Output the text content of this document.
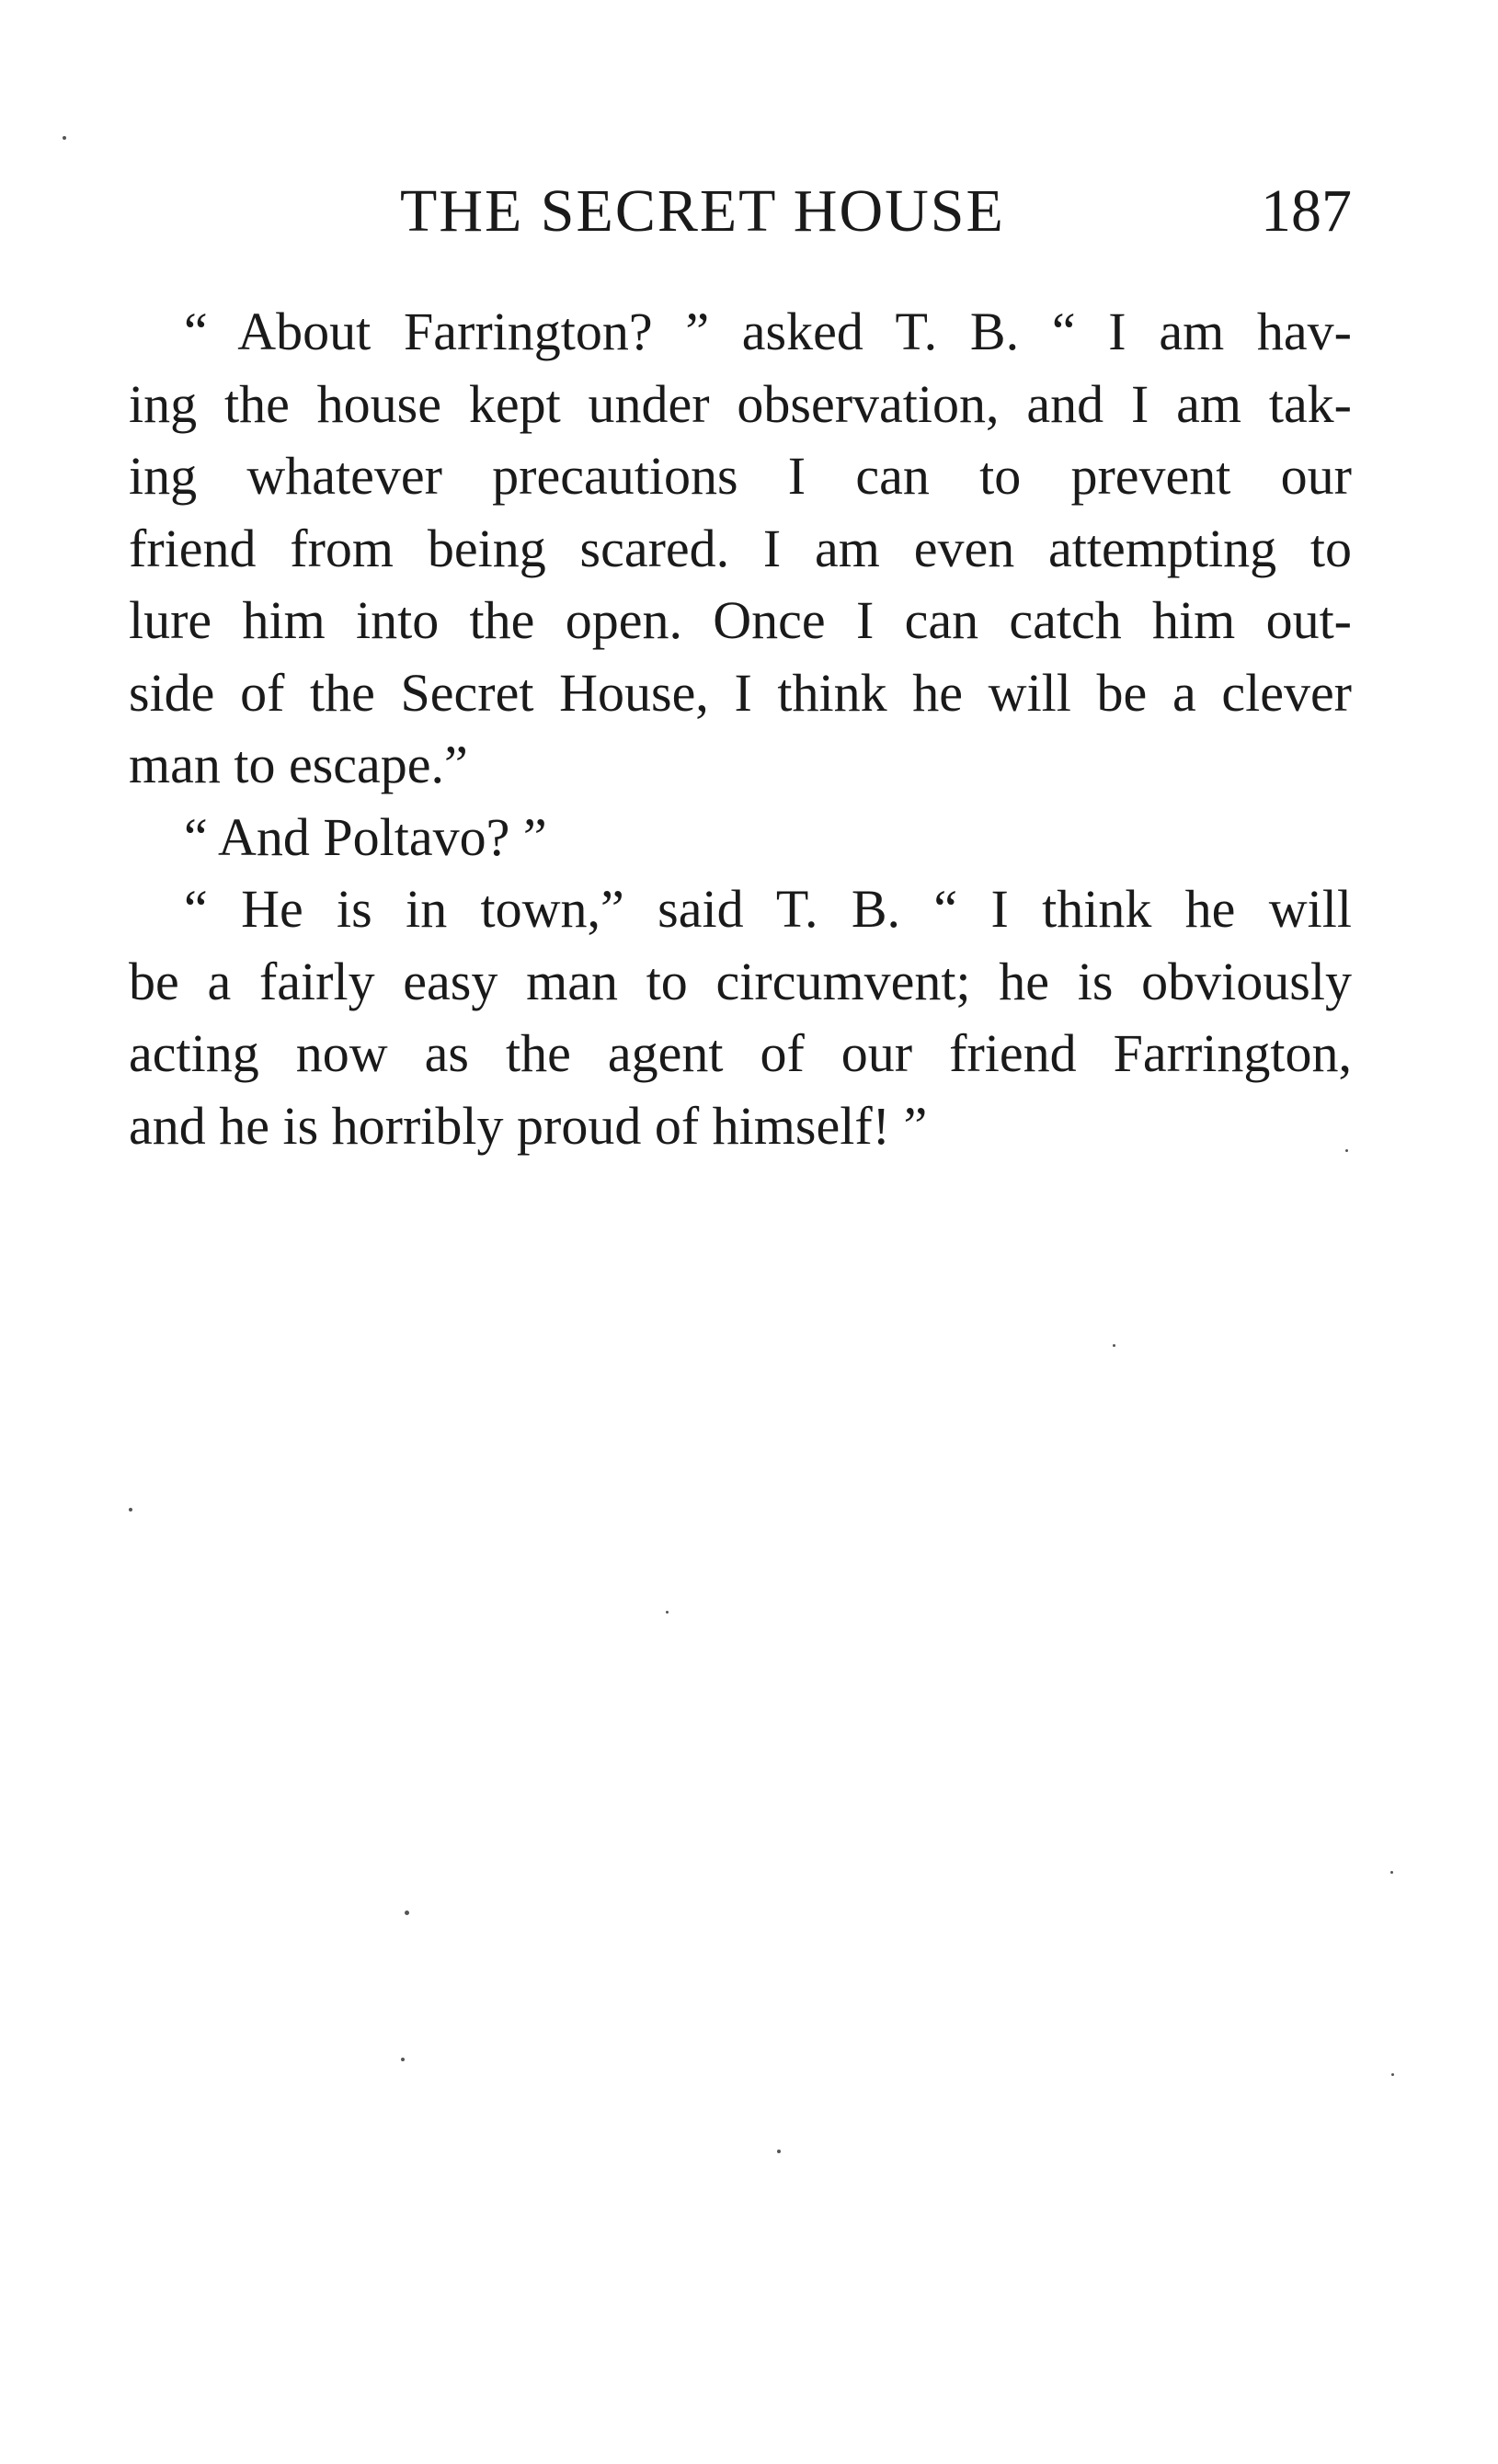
THE SECRET HOUSE	187
“ About Farrington? ” asked T. B. “ I am hav-
ing the house kept under observation, and I am tak-
ing whatever precautions I can to prevent our
friend from being scared. I am even attempting to
lure him into the open. Once I can catch him out-
side of the Secret House, I think he will be a clever
man to escape.”
“ And Poltavo? ”
“ He is in town,” said T. B. “ I think he will
be a fairly easy man to circumvent; he is obviously
acting now as the agent of our friend Farrington,
and he is horribly proud of himself! ”
